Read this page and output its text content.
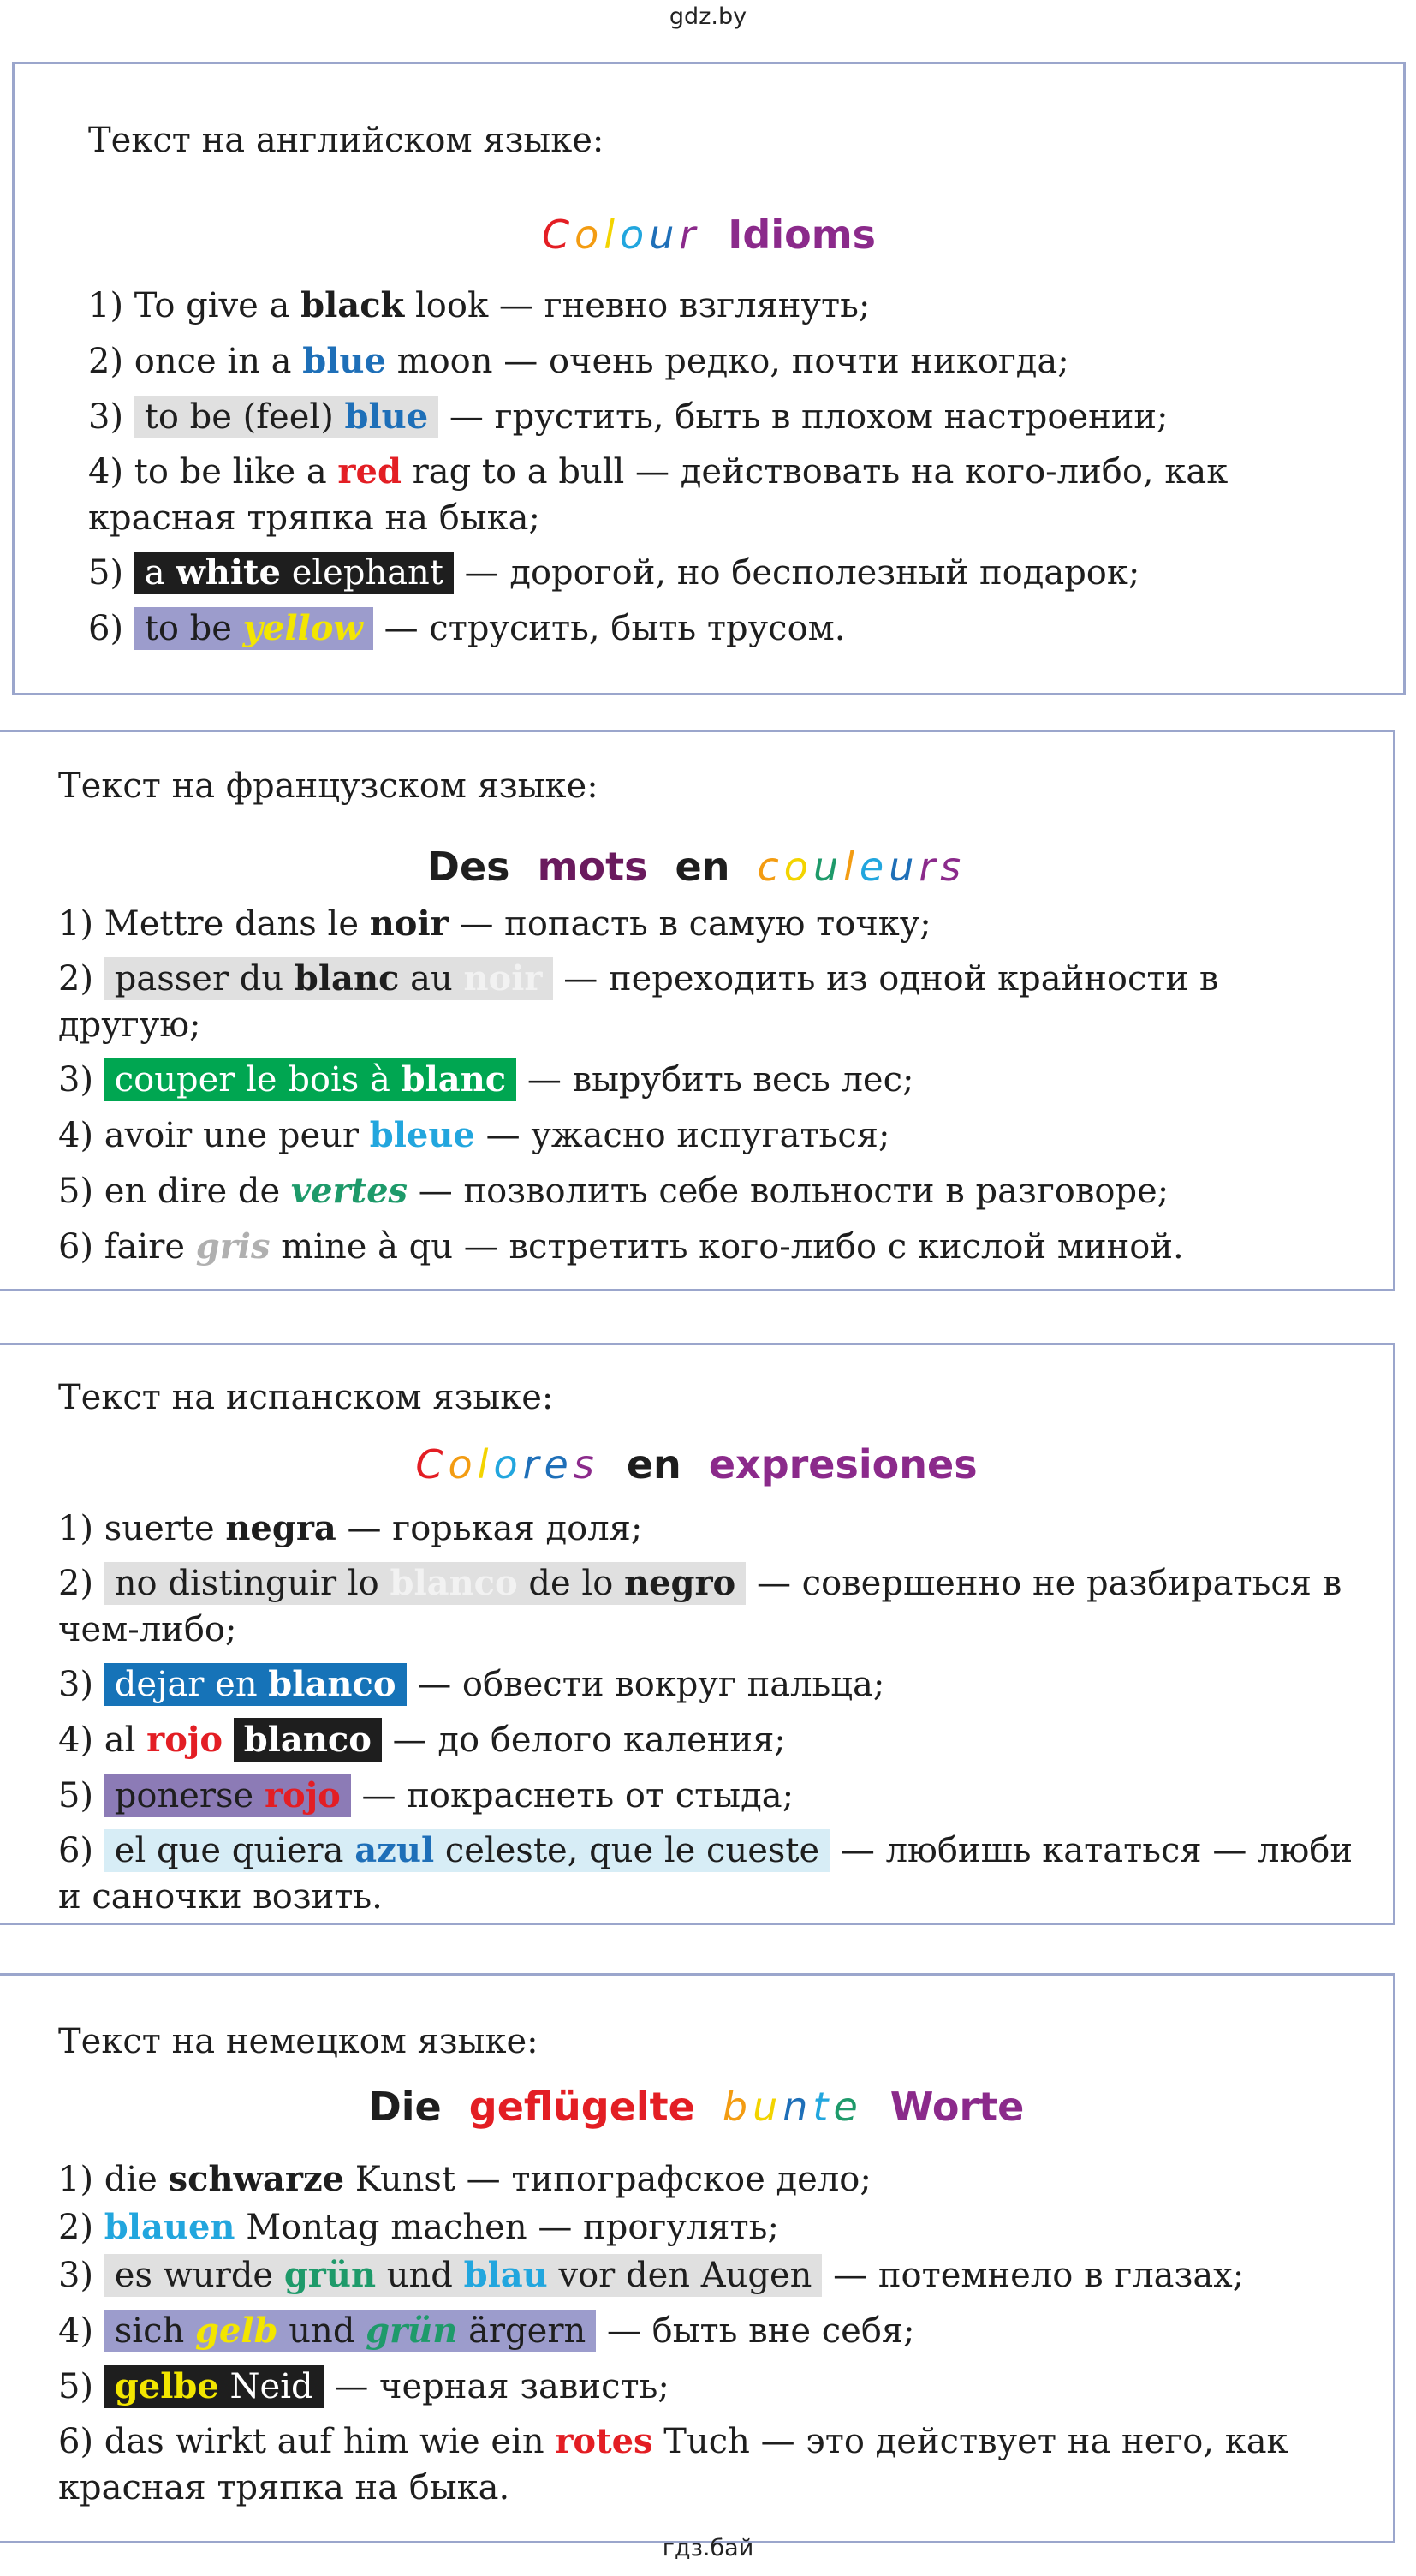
gdz.by
Текст на английском языке:
Colour Idioms
1) To give a black look — гневно взглянуть;
2) once in a blue moon — очень редко, почти никогда;
3) to be (feel) blue — грустить, быть в плохом настроении;
4) to be like a red rag to a bull — действовать на кого-либо, как красная тряпка на быка;
5) a white elephant — дорогой, но бесполезный подарок;
6) to be yellow — струсить, быть трусом.
Текст на французском языке:
Des mots en couleurs
1) Mettre dans le noir — попасть в самую точку;
2) passer du blanc au noir — переходить из одной крайности в другую;
3) couper le bois à blanc — вырубить весь лес;
4) avoir une peur bleue — ужасно испугаться;
5) en dire de vertes — позволить себе вольности в разговоре;
6) faire gris mine à qu — встретить кого-либо с кислой миной.
Текст на испанском языке:
Colores en expresiones
1) suerte negra — горькая доля;
2) no distinguir lo blanco de lo negro — совершенно не разбираться в чем-либо;
3) dejar en blanco — обвести вокруг пальца;
4) al rojo blanco — до белого каления;
5) ponerse rojo — покраснеть от стыда;
6) el que quiera azul celeste, que le cueste — любишь кататься — люби и саночки возить.
Текст на немецком языке:
Die geflügelte bunte Worte
1) die schwarze Kunst — типографское дело;
2) blauen Montag machen — прогулять;
3) es wurde grün und blau vor den Augen — потемнело в глазах;
4) sich gelb und grün ärgern — быть вне себя;
5) gelbe Neid — черная зависть;
6) das wirkt auf him wie ein rotes Tuch — это действует на него, как красная тряпка на быка.
гдз.бай
